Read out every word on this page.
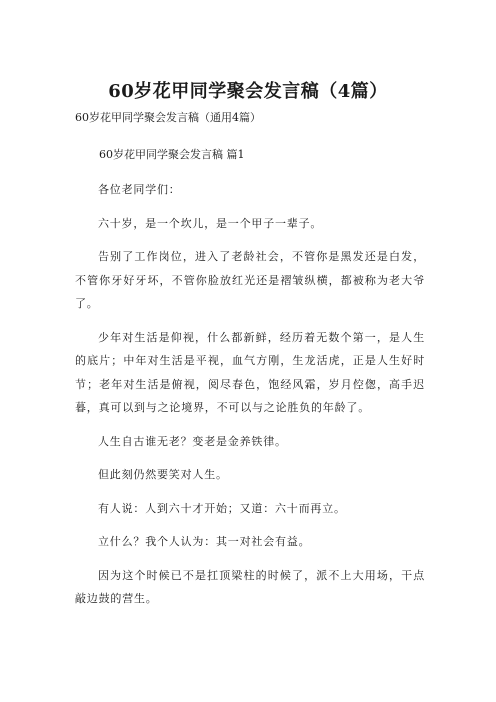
60岁花甲同学聚会发言稿（4篇）
60岁花甲同学聚会发言稿（通用4篇）
60岁花甲同学聚会发言稿 篇1

各位老同学们：

六十岁，是一个坎儿，是一个甲子一辈子。

告别了工作岗位，进入了老龄社会，不管你是黑发还是白发，不管你牙好牙坏，不管你脸放红光还是褶皱纵横，都被称为老大爷了。

少年对生活是仰视，什么都新鲜，经历着无数个第一，是人生的底片；中年对生活是平视，血气方刚，生龙活虎，正是人生好时节；老年对生活是俯视，阅尽春色，饱经风霜，岁月倥偬，高手迟暮，真可以到与之论境界，不可以与之论胜负的年龄了。

人生自古谁无老？变老是金养铁律。

但此刻仍然要笑对人生。

有人说：人到六十才开始；又道：六十而再立。

立什么？我个人认为：其一对社会有益。

因为这个时候已不是扛顶梁柱的时候了，派不上大用场，干点敲边鼓的营生。
